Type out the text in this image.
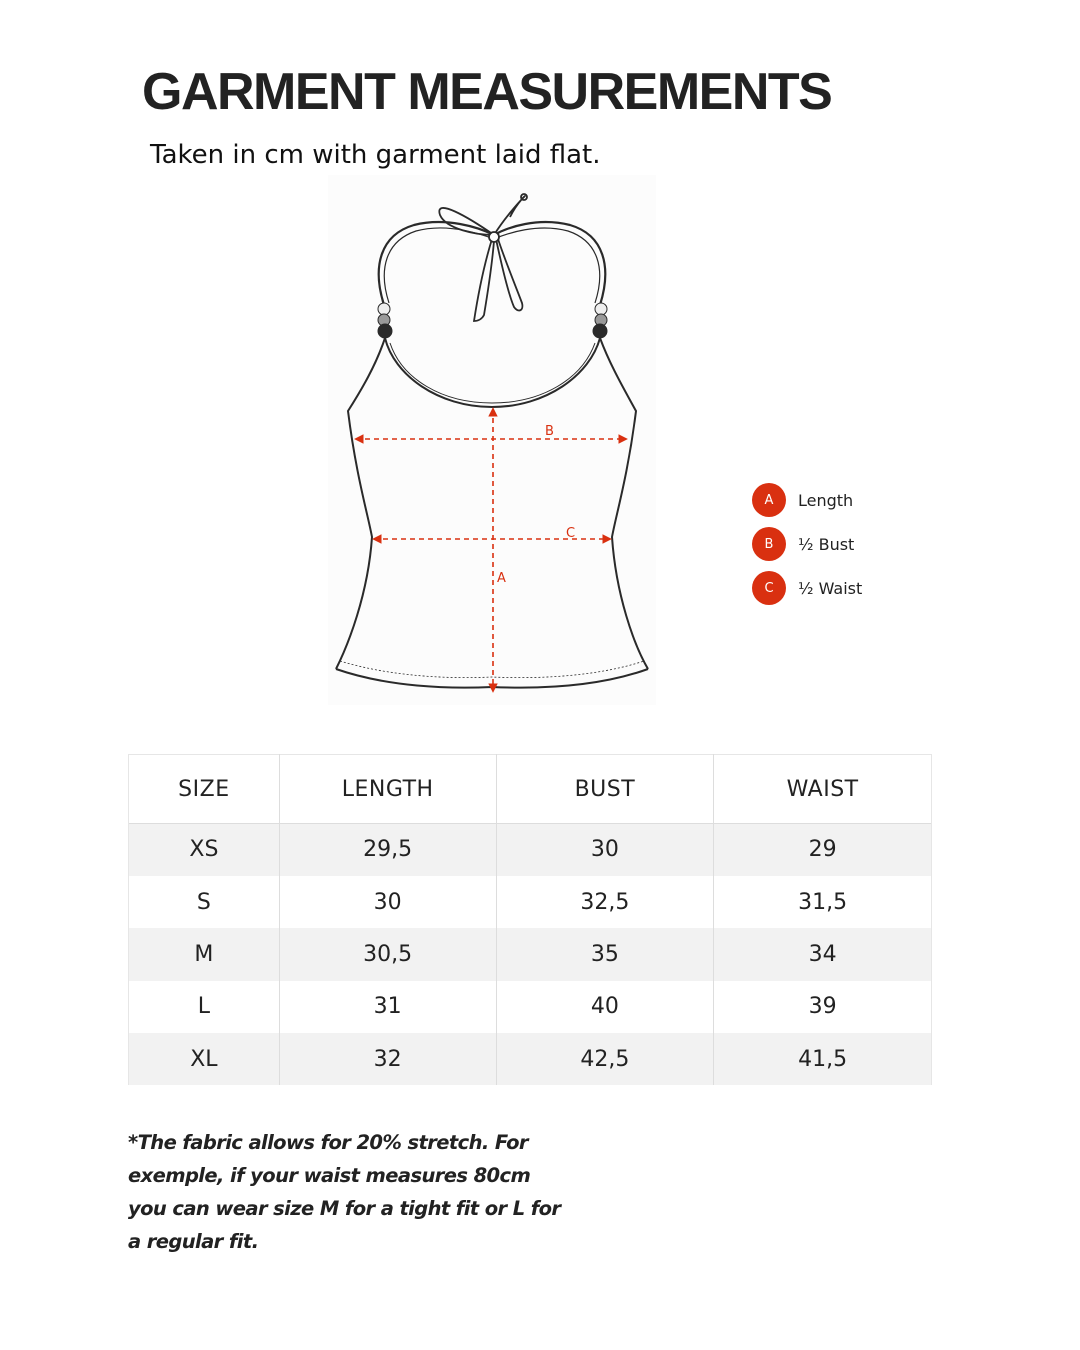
GARMENT MEASUREMENTS
Taken in cm with garment laid flat.
B
C
A
A	Length
B	½ Bust
C	½ Waist
SIZE	LENGTH	BUST	WAIST
XS	29,5	30	29
S	30	32,5	31,5
M	30,5	35	34
L	31	40	39
XL	32	42,5	41,5
*The fabric allows for 20% stretch. For exemple, if your waist measures 80cm you can wear size M for a tight fit or L for a regular fit.
